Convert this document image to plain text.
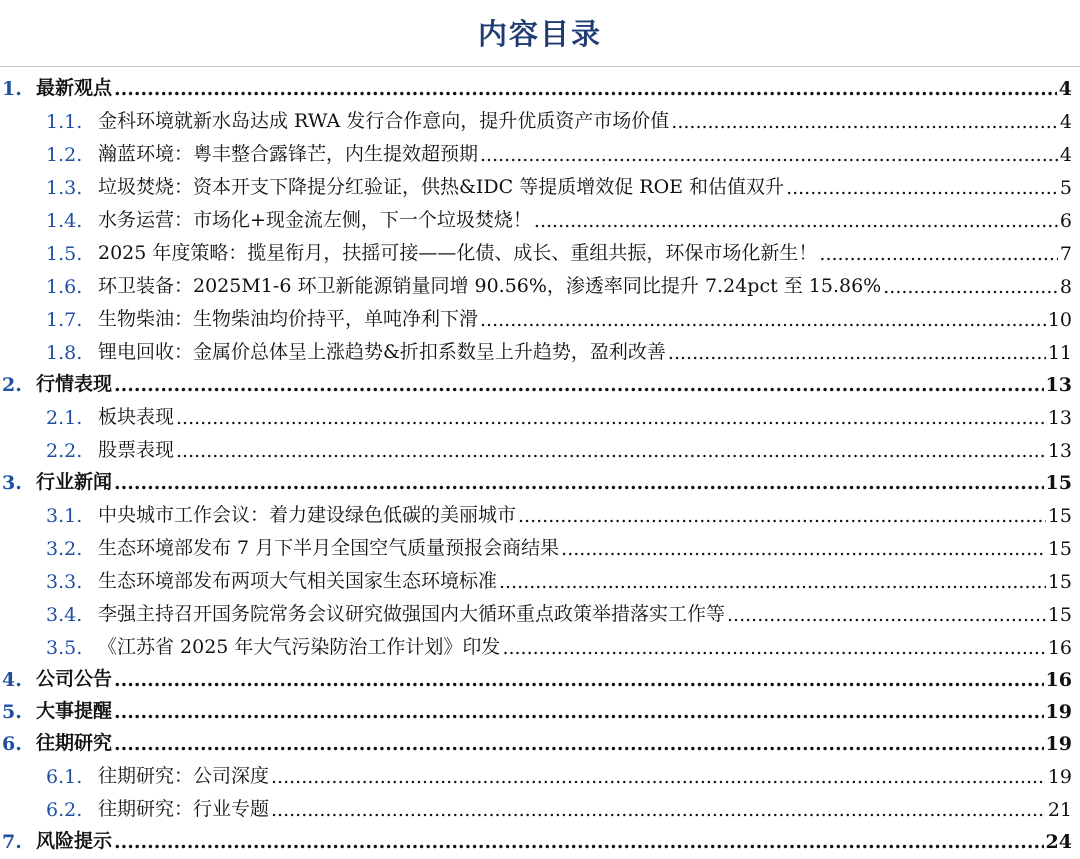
内容目录
1. 最新观点 .....	4
1.1. 金科环境就新水岛达成 RWA 发行合作意向，提升优质资产市场价值 .....	4
1.2. 瀚蓝环境：粤丰整合露锋芒，内生提效超预期 .....	4
1.3. 垃圾焚烧：资本开支下降提分红验证，供热&IDC 等提质增效促 ROE 和估值双升 .....	5
1.4. 水务运营：市场化+现金流左侧，下一个垃圾焚烧！ .....	6
1.5. 2025 年度策略：揽星衔月，扶摇可接——化债、成长、重组共振，环保市场化新生！ .....	7
1.6. 环卫装备：2025M1-6 环卫新能源销量同增 90.56%，渗透率同比提升 7.24pct 至 15.86% .....	8
1.7. 生物柴油：生物柴油均价持平，单吨净利下滑 .....	10
1.8. 锂电回收：金属价总体呈上涨趋势&折扣系数呈上升趋势，盈利改善 .....	11
2. 行情表现 .....	13
2.1. 板块表现 .....	13
2.2. 股票表现 .....	13
3. 行业新闻 .....	15
3.1. 中央城市工作会议：着力建设绿色低碳的美丽城市 .....	15
3.2. 生态环境部发布 7 月下半月全国空气质量预报会商结果 .....	15
3.3. 生态环境部发布两项大气相关国家生态环境标准 .....	15
3.4. 李强主持召开国务院常务会议研究做强国内大循环重点政策举措落实工作等 .....	15
3.5. 《江苏省 2025 年大气污染防治工作计划》印发 .....	16
4. 公司公告 .....	16
5. 大事提醒 .....	19
6. 往期研究 .....	19
6.1. 往期研究：公司深度 .....	19
6.2. 往期研究：行业专题 .....	21
7. 风险提示 .....	24
